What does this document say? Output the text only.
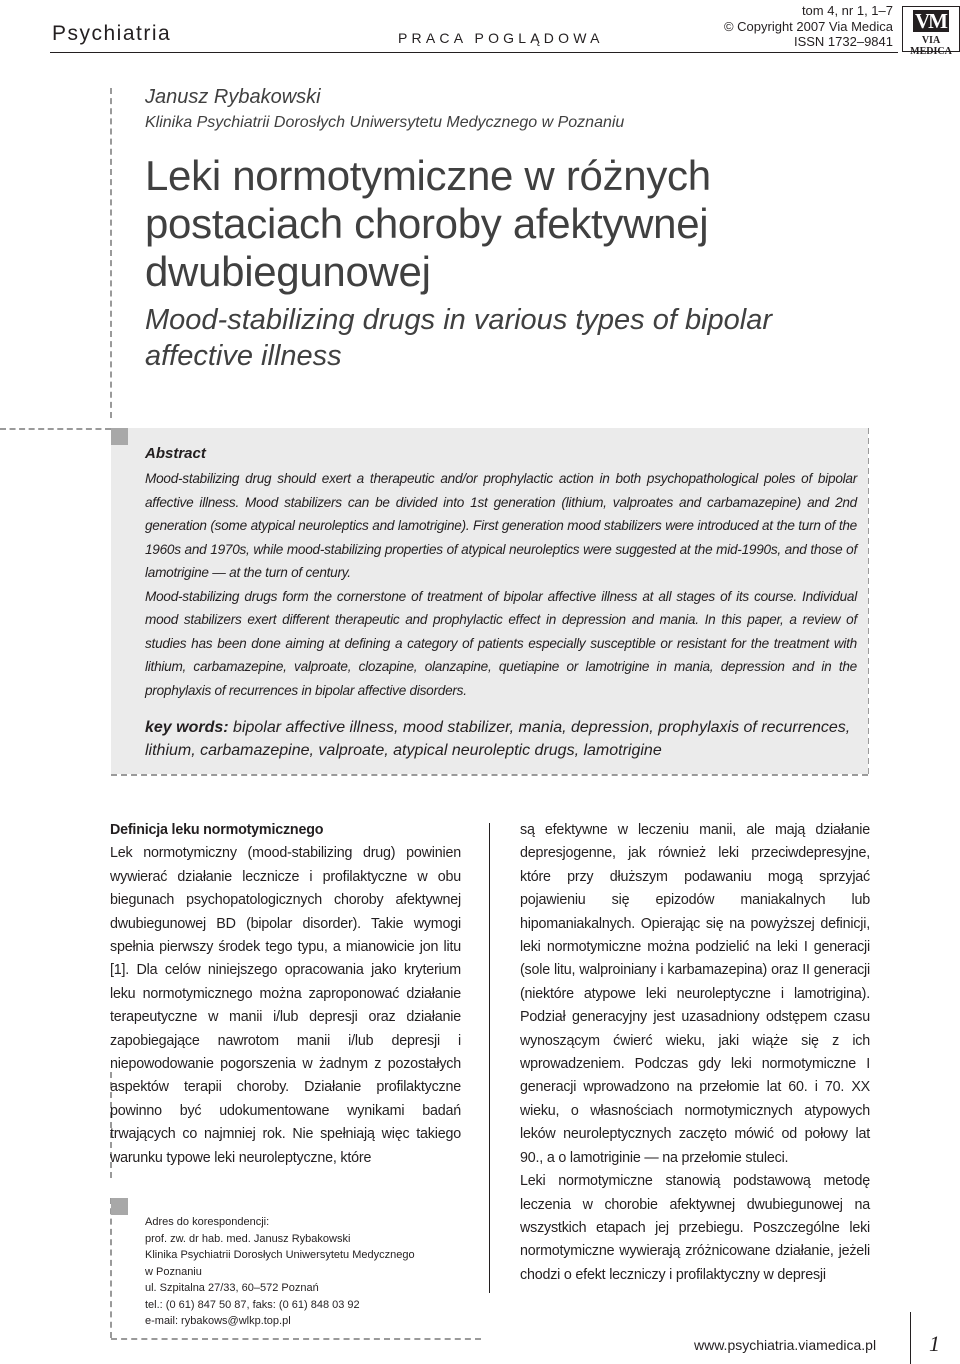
Psychiatria	PRACA POGLĄDOWA
tom 4, nr 1, 1–7
© Copyright 2007 Via Medica
ISSN 1732–9841
VM
VIA MEDICA
Janusz Rybakowski
Klinika Psychiatrii Dorosłych Uniwersytetu Medycznego w Poznaniu
Leki normotymiczne w różnych
postaciach choroby afektywnej
dwubiegunowej
Mood-stabilizing drugs in various types of bipolar
affective illness
Abstract

Mood-stabilizing drug should exert a therapeutic and/or prophylactic action in both psychopathological poles of bipolar affective illness. Mood stabilizers can be divided into 1st generation (lithium, valproates and carbamazepine) and 2nd generation (some atypical neuroleptics and lamotrigine). First generation mood stabilizers were introduced at the turn of the 1960s and 1970s, while mood-stabilizing properties of atypical neuroleptics were suggested at the mid-1990s, and those of lamotrigine — at the turn of century.

Mood-stabilizing drugs form the cornerstone of treatment of bipolar affective illness at all stages of its course. Individual mood stabilizers exert different therapeutic and prophylactic effect in depression and mania. In this paper, a review of studies has been done aiming at defining a category of patients especially susceptible or resistant for the treatment with lithium, carbamazepine, valproate, clozapine, olanzapine, quetiapine or lamotrigine in mania, depression and in the prophylaxis of recurrences in bipolar affective disorders.

key words: bipolar affective illness, mood stabilizer, mania, depression, prophylaxis of recurrences, lithium, carbamazepine, valproate, atypical neuroleptic drugs, lamotrigine

Definicja leku normotymicznego

Lek normotymiczny (mood-stabilizing drug) powinien wywierać działanie lecznicze i profilaktyczne w obu biegunach psychopatologicznych choroby afektywnej dwubiegunowej BD (bipolar disorder). Takie wymogi spełnia pierwszy środek tego typu, a mianowicie jon litu [1]. Dla celów niniejszego opracowania jako kryterium leku normotymicznego można zaproponować działanie terapeutyczne w manii i/lub depresji oraz działanie zapobiegające nawrotom manii i/lub depresji i niepowodowanie pogorszenia w żadnym z pozostałych aspektów terapii choroby. Działanie profilaktyczne powinno być udokumentowane wynikami badań trwających co najmniej rok. Nie spełniają więc takiego warunku typowe leki neuroleptyczne, które

są efektywne w leczeniu manii, ale mają działanie depresjogenne, jak również leki przeciwdepresyjne, które przy dłuższym podawaniu mogą sprzyjać pojawieniu się epizodów maniakalnych lub hipomaniakalnych. Opierając się na powyższej definicji, leki normotymiczne można podzielić na leki I generacji (sole litu, walproiniany i karbamazepina) oraz II generacji (niektóre atypowe leki neuroleptyczne i lamotrigina). Podział generacyjny jest uzasadniony odstępem czasu wynoszącym ćwierć wieku, jaki wiąże się z ich wprowadzeniem. Podczas gdy leki normotymiczne I generacji wprowadzono na przełomie lat 60. i 70. XX wieku, o własnościach normotymicznych atypowych leków neuroleptycznych zaczęto mówić od połowy lat 90., a o lamotriginie — na przełomie stuleci.

Leki normotymiczne stanowią podstawową metodę leczenia w chorobie afektywnej dwubiegunowej na wszystkich etapach jej przebiegu. Poszczególne leki normotymiczne wywierają zróżnicowane działanie, jeżeli chodzi o efekt leczniczy i profilaktyczny w depresji

Adres do korespondencji:
prof. zw. dr hab. med. Janusz Rybakowski
Klinika Psychiatrii Dorosłych Uniwersytetu Medycznego
w Poznaniu
ul. Szpitalna 27/33, 60–572 Poznań
tel.: (0 61) 847 50 87, faks: (0 61) 848 03 92
e-mail: rybakows@wlkp.top.pl
www.psychiatria.viamedica.pl 1
